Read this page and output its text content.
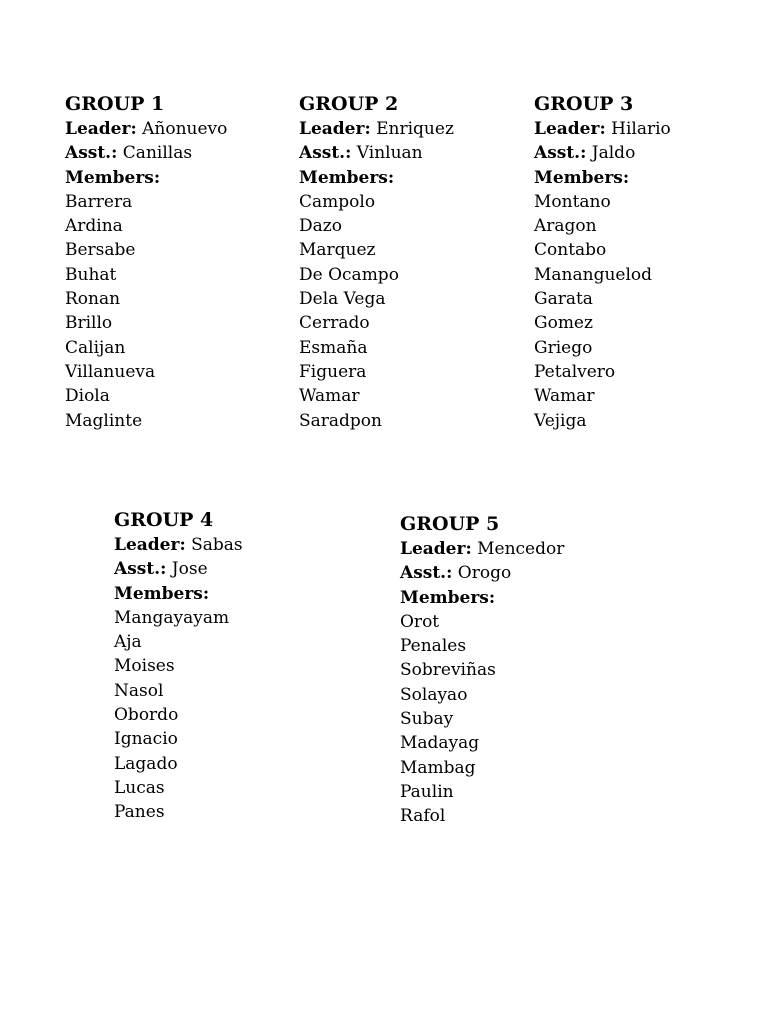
GROUP 1
Leader: Añonuevo
Asst.: Canillas
Members:
Barrera
Ardina
Bersabe
Buhat
Ronan
Brillo
Calijan
Villanueva
Diola
Maglinte
GROUP 2
Leader: Enriquez
Asst.: Vinluan
Members:
Campolo
Dazo
Marquez
De Ocampo
Dela Vega
Cerrado
Esmaña
Figuera
Wamar
Saradpon
GROUP 3
Leader: Hilario
Asst.: Jaldo
Members:
Montano
Aragon
Contabo
Mananguelod
Garata
Gomez
Griego
Petalvero
Wamar
Vejiga
GROUP 4
Leader: Sabas
Asst.: Jose
Members:
Mangayayam
Aja
Moises
Nasol
Obordo
Ignacio
Lagado
Lucas
Panes
GROUP 5
Leader: Mencedor
Asst.: Orogo
Members:
Orot
Penales
Sobreviñas
Solayao
Subay
Madayag
Mambag
Paulin
Rafol
